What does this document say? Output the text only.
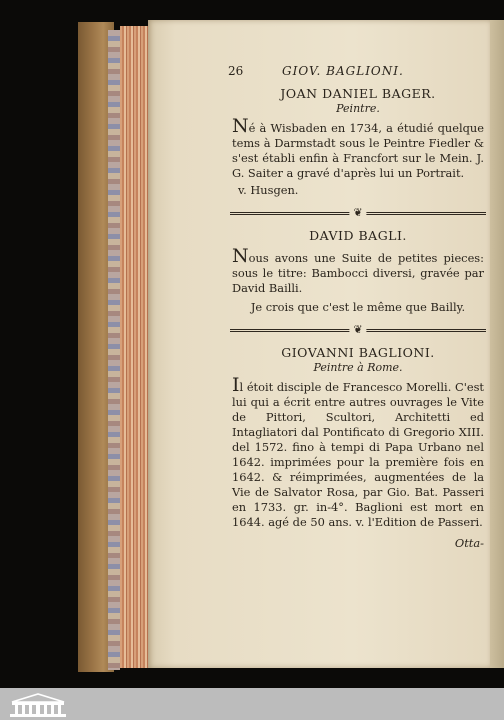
26	GIOV. BAGLIONI.
JOAN DANIEL BAGER.
Peintre.
Né à Wisbaden en 1734, a étudié quelque tems à Darmstadt sous le Peintre Fiedler & s'est établi enfin à Francfort sur le Mein. J. G. Saiter a gravé d'après lui un Portrait.
v. Husgen.
❦
DAVID BAGLI.
Nous avons une Suite de petites pieces: sous le titre: Bambocci diversi, gravée par David Bailli.
Je crois que c'est le même que Bailly.
❦
GIOVANNI BAGLIONI.
Peintre à Rome.
Il étoit disciple de Francesco Morelli. C'est lui qui a écrit entre autres ouvrages le Vite de Pittori, Scultori, Architetti ed Intagliatori dal Pontificato di Gregorio XIII. del 1572. fino à tempi di Papa Urbano nel 1642. imprimées pour la première fois en 1642. & réimprimées, augmentées de la Vie de Salvator Rosa, par Gio. Bat. Passeri en 1733. gr. in-4°. Baglioni est mort en 1644. agé de 50 ans. v. l'Edition de Passeri.
Otta-
